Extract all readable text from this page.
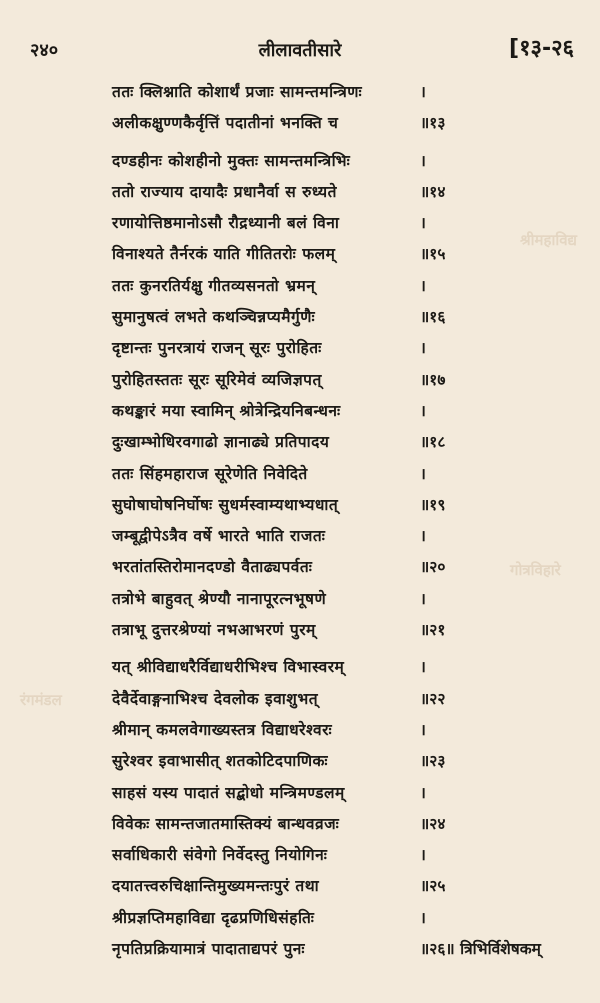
श्रीमहाविद्य
गोत्रविहारे
रंगमंडल
२४०	लीलावतीसारे	[१३-२६
ततः क्लिश्नाति कोशार्थं प्रजाः सामन्तमन्त्रिणः	।
अलीकक्षुण्णकैर्वृत्तिं पदातीनां भनक्ति च	॥१३
दण्डहीनः कोशहीनो मुक्तः सामन्तमन्त्रिभिः	।
ततो राज्याय दायादैः प्रधानैर्वा स रुध्यते	॥१४
रणायोत्तिष्ठमानोऽसौ रौद्रध्यानी बलं विना	।
विनाश्यते तैर्नरकं याति गीतितरोः फलम्	॥१५
ततः कुनरतिर्यक्षु गीतव्यसनतो भ्रमन्	।
सुमानुषत्वं लभते कथञ्चिन्नप्यमैर्गुणैः	॥१६
दृष्टान्तः पुनरत्रायं राजन् सूरः पुरोहितः	।
पुरोहितस्ततः सूरः सूरिमेवं व्यजिज्ञपत्	॥१७
कथङ्कारं मया स्वामिन् श्रोत्रेन्द्रियनिबन्धनः	।
दुःखाम्भोधिरवगाढो ज्ञानाढ्ये प्रतिपादय	॥१८
ततः सिंहमहाराज सूरेणेति निवेदिते	।
सुघोषाघोषनिर्घोषः सुधर्मस्वाम्यथाभ्यधात्	॥१९
जम्बूद्वीपेऽत्रैव वर्षे भारते भाति राजतः	।
भरतांतस्तिरोमानदण्डो वैताढ्यपर्वतः	॥२०
तत्रोभे बाहुवत् श्रेण्यौ नानापूरत्नभूषणे	।
तत्राभू दुत्तरश्रेण्यां नभआभरणं पुरम्	॥२१
यत् श्रीविद्याधरैर्विद्याधरीभिश्च विभास्वरम्	।
देवैर्देवाङ्गनाभिश्च देवलोक इवाशुभत्	॥२२
श्रीमान् कमलवेगाख्यस्तत्र विद्याधरेश्वरः	।
सुरेश्वर इवाभासीत् शतकोटिदपाणिकः	॥२३
साहसं यस्य पादातं सद्बोधो मन्त्रिमण्डलम्	।
विवेकः सामन्तजातमास्तिक्यं बान्धवव्रजः	॥२४
सर्वाधिकारी संवेगो निर्वेदस्तु नियोगिनः	।
दयातत्त्वरुचिक्षान्तिमुख्यमन्तःपुरं तथा	॥२५
श्रीप्रज्ञप्तिमहाविद्या दृढप्रणिधिसंहतिः	।
नृपतिप्रक्रियामात्रं पादाताद्यपरं पुनः	॥२६॥ त्रिभिर्विशेषकम्
